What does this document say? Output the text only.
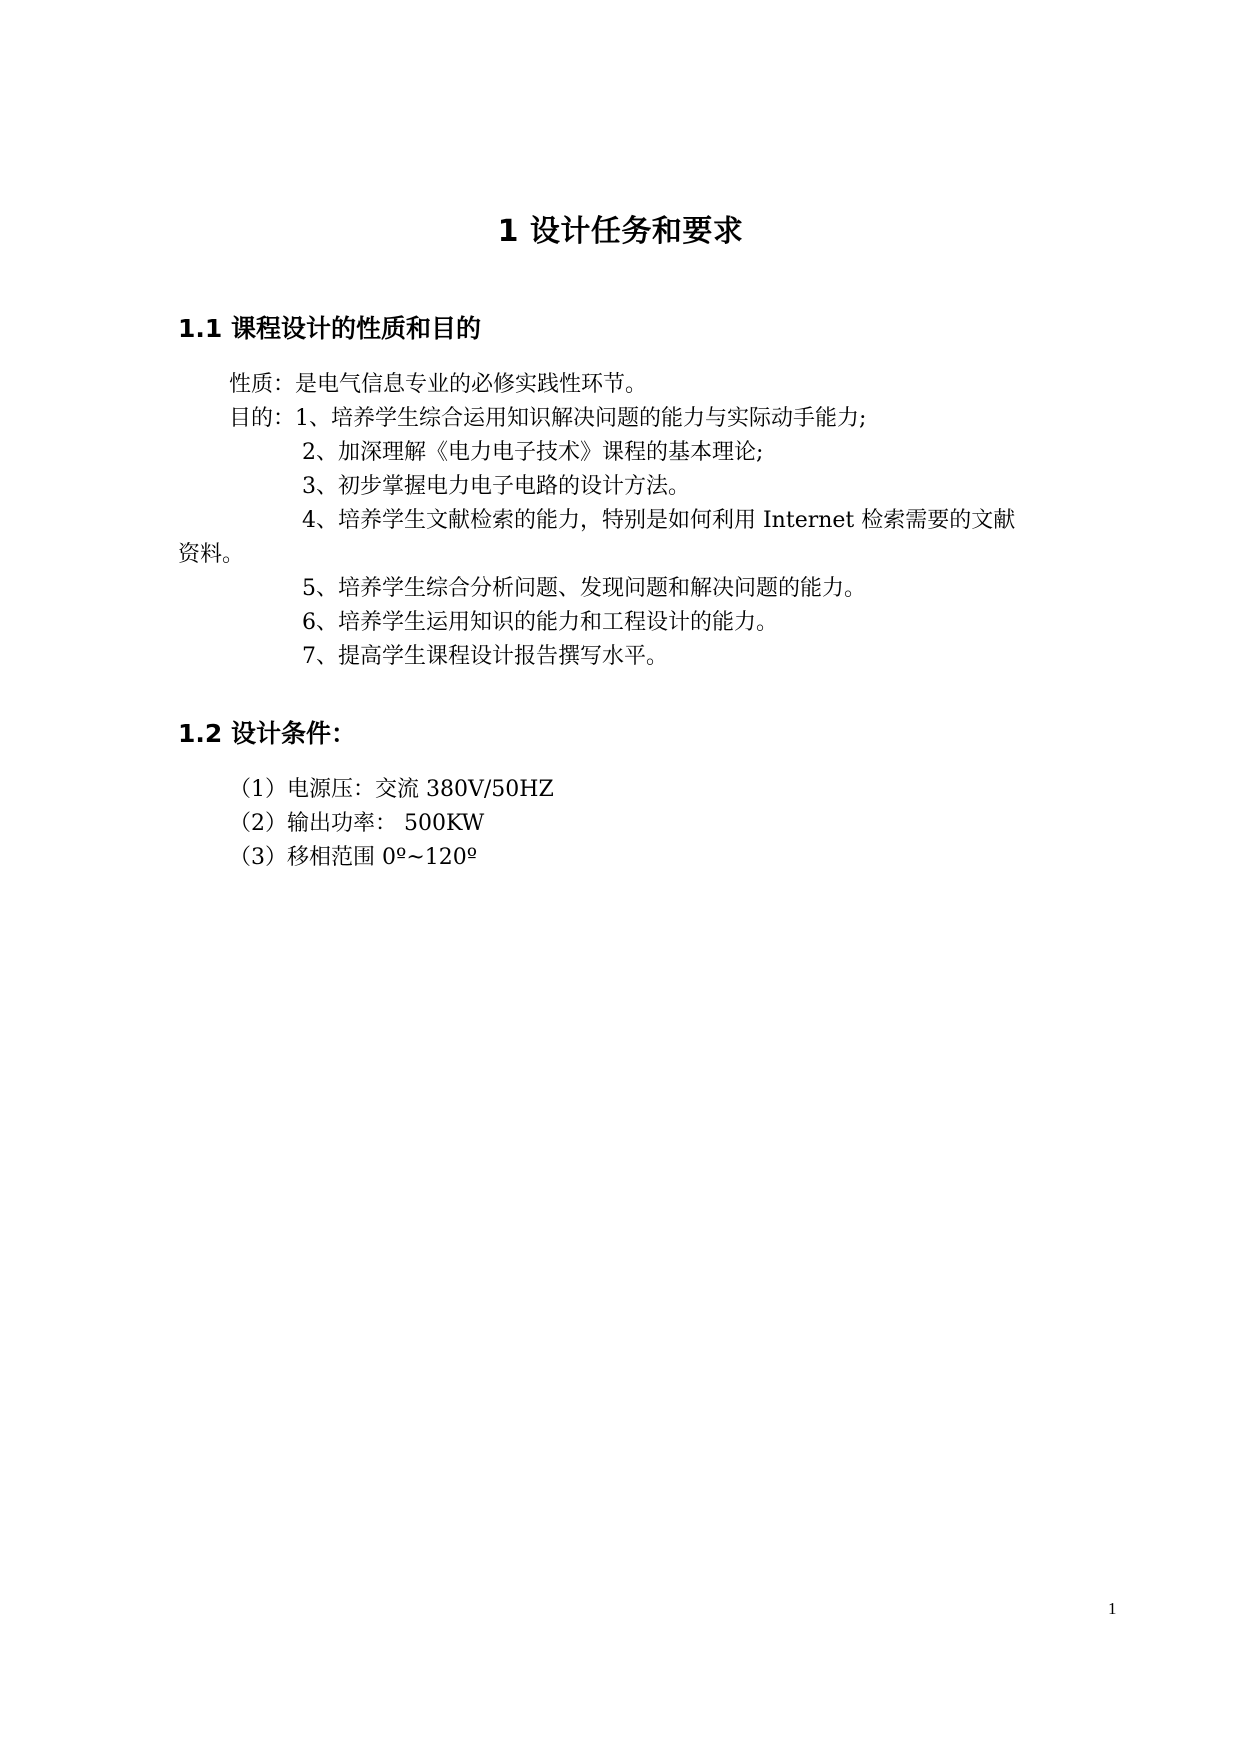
1 设计任务和要求
1.1 课程设计的性质和目的
性质：是电气信息专业的必修实践性环节。
目的：1、培养学生综合运用知识解决问题的能力与实际动手能力;
2、加深理解《电力电子技术》课程的基本理论;
3、初步掌握电力电子电路的设计方法。
4、培养学生文献检索的能力，特别是如何利用 Internet 检索需要的文献
资料。
5、培养学生综合分析问题、发现问题和解决问题的能力。
6、培养学生运用知识的能力和工程设计的能力。
7、提高学生课程设计报告撰写水平。
1.2 设计条件：
（1）电源压：交流 380V/50HZ
（2）输出功率： 500KW
（3）移相范围 0º~120º
1
